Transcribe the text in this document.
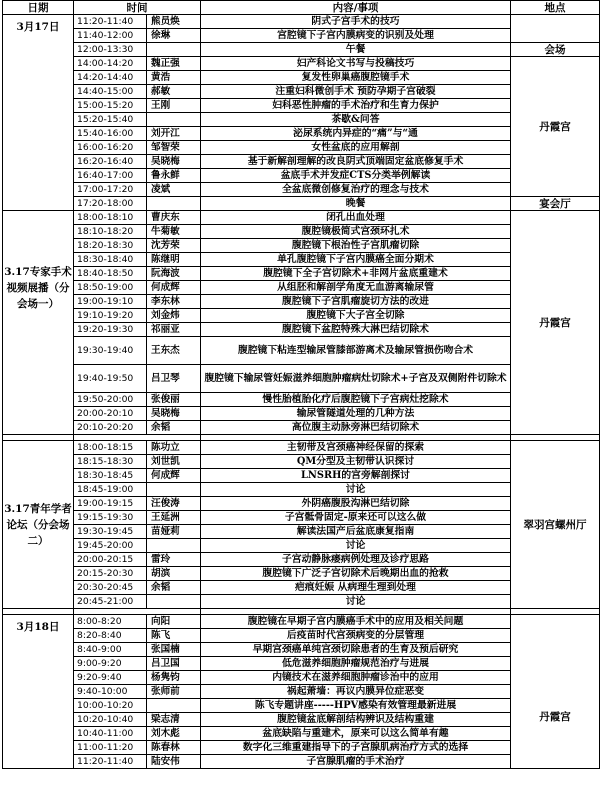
日期	时间		内容/事项	地点
3月17日	11:20-11:40	熊员焕	阴式子宫手术的技巧	
	11:40-12:00	徐琳	宫腔镜下子宫内膜病变的识别及处理	
	12:00-13:30		午餐	会场
	14:00-14:20	魏正强	妇产科论文书写与投稿技巧	丹霞宫
	14:20-14:40	黄浩	复发性卵巢癌腹腔镜手术	
	14:40-15:00	郝敏	注重妇科微创手术 预防孕期子宫破裂	
	15:00-15:20	王刚	妇科恶性肿瘤的手术治疗和生育力保护	
	15:20-15:40		茶歇&问答	
	15:40-16:00	刘开江	泌尿系统内异症的“痛”与“通	
	16:00-16:20	邹智荣	女性盆底的应用解剖	
	16:20-16:40	吴晓梅	基于新解剖理解的改良阴式顶端固定盆底修复手术	
	16:40-17:00	鲁永鲜	盆底手术并发症CTS分类举例解读	
	17:00-17:20	凌斌	全盆底微创修复治疗的理念与技术	
	17:20-18:00		晚餐	宴会厅
3.17专家手术视频展播（分会场一）	18:00-18:10	曹庆东	闭孔出血处理	丹霞宫
	18:10-18:20	牛菊敏	腹腔镜极简式宫颈环扎术	
	18:20-18:30	沈芳荣	腹腔镜下根治性子宫肌瘤切除	
	18:30-18:40	陈继明	单孔腹腔镜下子宫内膜癌全面分期术	
	18:40-18:50	阮海波	腹腔镜下全子宫切除术+非网片盆底重建术	
	18:50-19:00	何成辉	从组胚和解剖学角度无血游离输尿管	
	19:00-19:10	李东林	腹腔镜下子宫肌瘤旋切方法的改进	
	19:10-19:20	刘金炜	腹腔镜下大子宫全切除	
	19:20-19:30	祁丽亚	腹腔镜下盆腔特殊大淋巴结切除术	
	19:30-19:40	王东杰	腹腔镜下粘连型输尿管膝部游离术及输尿管损伤吻合术	
	19:40-19:50	吕卫琴	腹腔镜下输尿管妊娠滋养细胞肿瘤病灶切除术+子宫及双侧附件切除术	
	19:50-20:00	张俊丽	慢性胎植胎化疗后腹腔镜下子宫病灶挖除术	
	20:00-20:10	吴晓梅	输尿管隧道处理的几种方法	
	20:10-20:20	余韬	高位腹主动脉旁淋巴结切除术	

3.17青年学者论坛（分会场二）	18:00-18:15	陈功立	主韧带及宫颈癌神经保留的探索	翠羽宫螺州厅
	18:15-18:30	刘世凯	QM分型及主韧带认识探讨	
	18:30-18:45	何成辉	LNSRH的宫旁解剖探讨	
	18:45-19:00		讨论	
	19:00-19:15	汪俊涛	外阴癌腹股沟淋巴结切除	
	19:15-19:30	王延洲	子宫骶骨固定-原来还可以这么做	
	19:30-19:45	苗娅莉	解读法国产后盆底康复指南	
	19:45-20:00		讨论	
	20:00-20:15	雷玲	子宫动静脉瘘病例处理及诊疗思路	
	20:15-20:30	胡滨	腹腔镜下广泛子宫切除术后晚期出血的抢救	
	20:30-20:45	余韬	疤痕妊娠 从病理生理到处理	
	20:45-21:00		讨论	

3月18日	8:00-8:20	向阳	腹腔镜在早期子宫内膜癌手术中的应用及相关问题	丹霞宫
	8:20-8:40	陈飞	后疫苗时代宫颈病变的分层管理	
	8:40-9:00	张国楠	早期宫颈癌单纯宫颈切除患者的生育及预后研究	
	9:00-9:20	吕卫国	低危滋养细胞肿瘤规范治疗与进展	
	9:20-9:40	杨隽钧	内镜技术在滋养细胞肿瘤诊治中的应用	
	9:40-10:00	张师前	祸起萧墙：再议内膜异位症恶变	
	10:00-10:20		陈飞专题讲座-----HPV感染有效管理最新进展	
	10:20-10:40	梁志清	腹腔镜盆底解剖结构辨识及结构重建	
	10:40-11:00	刘木彪	盆底缺陷与重建术，原来可以这么简单有趣	
	11:00-11:20	陈春林	数字化三维重建指导下的子宫腺肌病治疗方式的选择	
	11:20-11:40	陆安伟	子宫腺肌瘤的手术治疗	
